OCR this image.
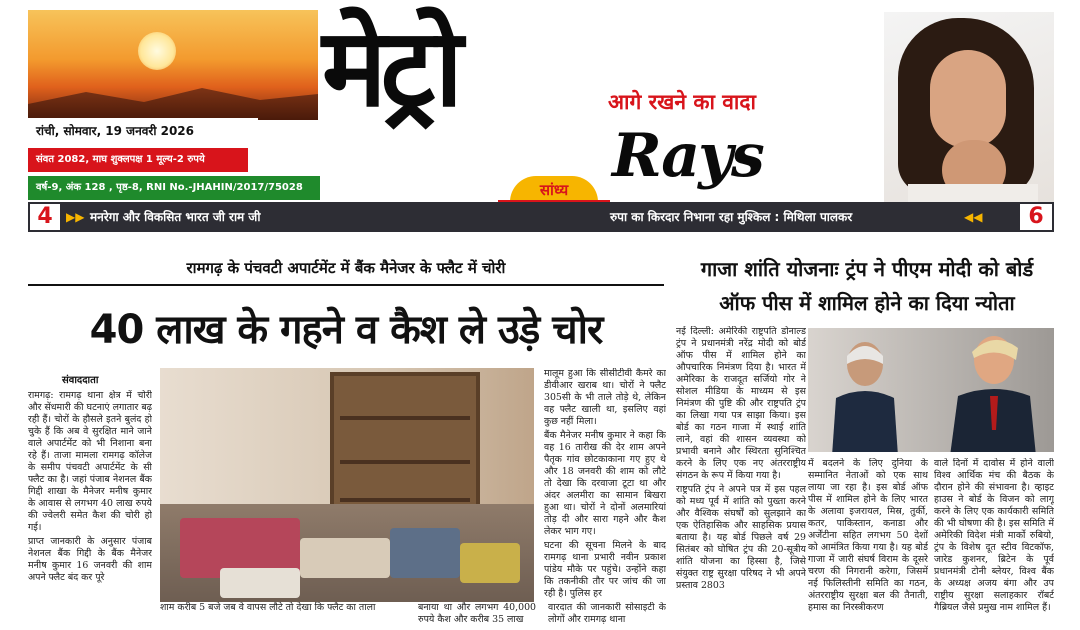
रांची, सोमवार, 19 जनवरी 2026
संवत 2082, माघ शुक्लपक्ष 1 मूल्य-2 रुपये
वर्ष-9, अंक 128 , पृष्ठ-8, RNI No.-JHAHIN/2017/75028
मेट्रो	आगे रखने का वादा
Rays
सांध्य
4	▶▶ मनरेगा और विकसित भारत जी राम जी	रुपा का किरदार निभाना रहा मुश्किल : मिथिला पालकर	◀◀	6
रामगढ़ के पंचवटी अपार्टमेंट में बैंक मैनेजर के फ्लैट में चोरी
40 लाख के गहने व कैश ले उड़े चोर
संवाददाता

रामगढ़: रामगढ़ थाना क्षेत्र में चोरी और सेंधमारी की घटनाएं लगातार बढ़ रही हैं। चोरों के हौसले इतने बुलंद हो चुके हैं कि अब वे सुरक्षित माने जाने वाले अपार्टमेंट को भी निशाना बना रहे हैं। ताजा मामला रामगढ़ कॉलेज के समीप पंचवटी अपार्टमेंट के सी फ्लैट का है। जहां पंजाब नेशनल बैंक गिद्दी शाखा के मैनेजर मनीष कुमार के आवास से लगभग 40 लाख रुपये की ज्वेलरी समेत कैश की चोरी हो गई।

प्राप्त जानकारी के अनुसार पंजाब नेशनल बैंक गिद्दी के बैंक मैनेजर मनीष कुमार 16 जनवरी की शाम अपने फ्लैट बंद कर पूरे

शाम करीब 5 बजे जब वे वापस लौटे तो देखा कि फ्लैट का ताला

मालूम हुआ कि सीसीटीवी कैमरे का डीवीआर खराब था। चोरों ने फ्लैट 305सी के भी ताले तोड़े थे, लेकिन वह फ्लैट खाली था, इसलिए वहां कुछ नहीं मिला।

बैंक मैनेजर मनीष कुमार ने कहा कि वह 16 तारीख की देर शाम अपने पैतृक गांव छोटकाकाना गए हुए थे और 18 जनवरी की शाम को लौटे तो देखा कि दरवाजा टूटा था और अंदर अलमीरा का सामान बिखरा हुआ था। चोरों ने दोनों अलमारियां तोड़ दी और सारा गहने और कैश लेकर भाग गए।

घटना की सूचना मिलने के बाद रामगढ़ थाना प्रभारी नवीन प्रकाश पांडेय मौके पर पहुंचे। उन्होंने कहा कि तकनीकी तौर पर जांच की जा रही है। पुलिस हर

बनाया था और लगभग 40,000 रुपये कैश और करीब 35 लाख

वारदात की जानकारी सोसाइटी के लोगों और रामगढ़ थाना

गाजा शांति योजनाः ट्रंप ने पीएम मोदी को बोर्ड
ऑफ पीस में शामिल होने का दिया न्योता

नई दिल्ली: अमेरिकी राष्ट्रपति डोनाल्ड ट्रंप ने प्रधानमंत्री नरेंद्र मोदी को बोर्ड ऑफ पीस में शामिल होने का औपचारिक निमंत्रण दिया है। भारत में अमेरिका के राजदूत सर्जियो गोर ने सोशल मीडिया के माध्यम से इस निमंत्रण की पुष्टि की और राष्ट्रपति ट्रंप का लिखा गया पत्र साझा किया। इस बोर्ड का गठन गाजा में स्थाई शांति लाने, वहां की शासन व्यवस्था को प्रभावी बनाने और स्थिरता सुनिश्चित करने के लिए एक नए अंतरराष्ट्रीय संगठन के रूप में किया गया है।

राष्ट्रपति ट्रंप ने अपने पत्र में इस पहल को मध्य पूर्व में शांति को पुख्ता करने और वैश्विक संघर्षों को सुलझाने का एक ऐतिहासिक और साहसिक प्रयास बताया है। यह बोर्ड पिछले वर्ष 29 सितंबर को घोषित ट्रंप की 20-सूत्रीय शांति योजना का हिस्सा है, जिसे संयुक्त राष्ट्र सुरक्षा परिषद ने भी अपने प्रस्ताव 2803

में बदलने के लिए दुनिया के सम्मानित नेताओं को एक साथ लाया जा रहा है। इस बोर्ड ऑफ पीस में शामिल होने के लिए भारत के अलावा इजरायल, मिस्र, तुर्की, कतर, पाकिस्तान, कनाडा और अर्जेंटीना सहित लगभग 50 देशों को आमंत्रित किया गया है। यह बोर्ड गाजा में जारी संघर्ष विराम के दूसरे चरण की निगरानी करेगा, जिसमें नई फिलिस्तीनी समिति का गठन, अंतरराष्ट्रीय सुरक्षा बल की तैनाती, हमास का निरस्त्रीकरण

वाले दिनों में दावोस में होने वाली विश्व आर्थिक मंच की बैठक के दौरान होने की संभावना है। व्हाइट हाउस ने बोर्ड के विजन को लागू करने के लिए एक कार्यकारी समिति की भी घोषणा की है। इस समिति में अमेरिकी विदेश मंत्री मार्को रुबियो, ट्रंप के विशेष दूत स्टीव विटकॉफ, जारेड कुशनर, ब्रिटेन के पूर्व प्रधानमंत्री टोनी ब्लेयर, विश्व बैंक के अध्यक्ष अजय बंगा और उप राष्ट्रीय सुरक्षा सलाहकार रॉबर्ट गैब्रियल जैसे प्रमुख नाम शामिल हैं।
